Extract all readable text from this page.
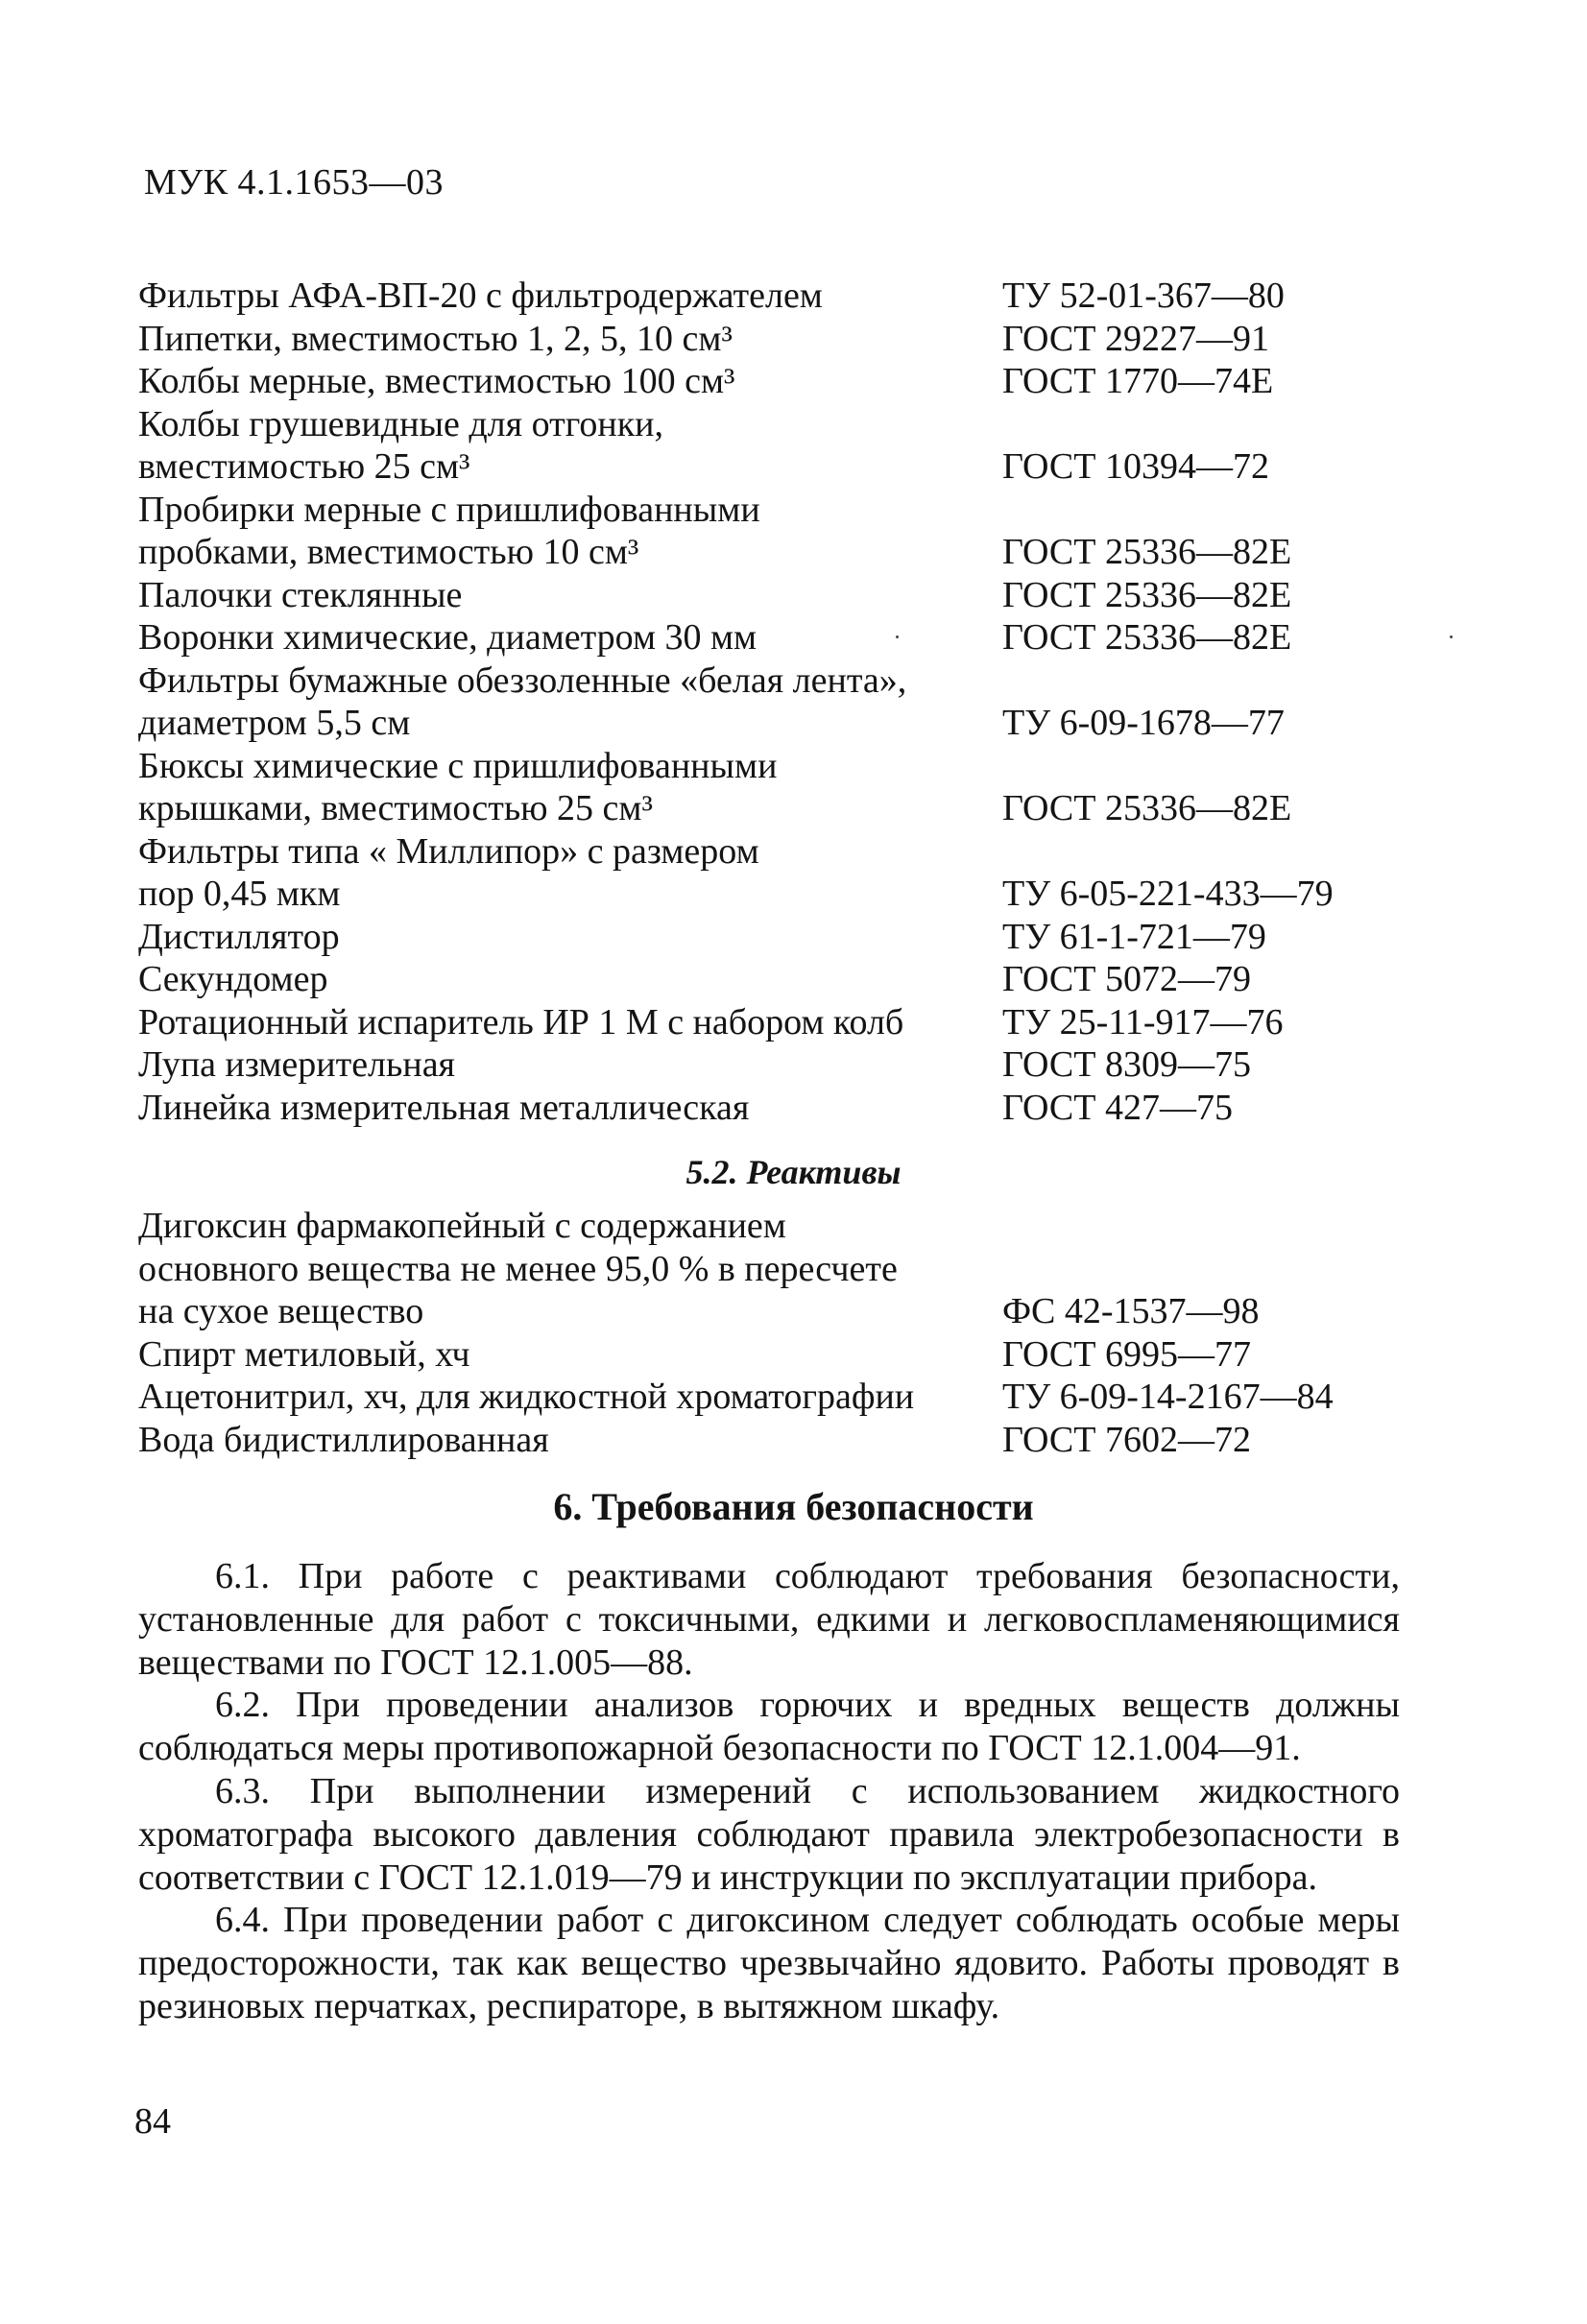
МУК 4.1.1653—03
Фильтры АФА-ВП-20 с фильтродержателем	ТУ 52-01-367—80
Пипетки, вместимостью 1, 2, 5, 10 см³	ГОСТ 29227—91
Колбы мерные, вместимостью 100 см³	ГОСТ 1770—74Е
Колбы грушевидные для отгонки,
вместимостью 25 см³	ГОСТ 10394—72
Пробирки мерные с пришлифованными
пробками, вместимостью 10 см³	ГОСТ 25336—82Е
Палочки стеклянные	ГОСТ 25336—82Е
Воронки химические, диаметром 30 мм	ГОСТ 25336—82Е
Фильтры бумажные обеззоленные «белая лента»,
диаметром 5,5 см	ТУ 6-09-1678—77
Бюксы химические с пришлифованными
крышками, вместимостью 25 см³	ГОСТ 25336—82Е
Фильтры типа « Миллипор» с размером
пор 0,45 мкм	ТУ 6-05-221-433—79
Дистиллятор	ТУ 61-1-721—79
Секундомер	ГОСТ 5072—79
Ротационный испаритель ИР 1 М с набором колб	ТУ 25-11-917—76
Лупа измерительная	ГОСТ 8309—75
Линейка измерительная металлическая	ГОСТ 427—75
5.2. Реактивы
Дигоксин фармакопейный с содержанием
основного вещества не менее 95,0 % в пересчете
на сухое вещество	ФС 42-1537—98
Спирт метиловый, хч	ГОСТ 6995—77
Ацетонитрил, хч, для жидкостной хроматографии	ТУ 6-09-14-2167—84
Вода бидистиллированная	ГОСТ 7602—72
6. Требования безопасности

6.1. При работе с реактивами соблюдают требования безопасности, установленные для работ с токсичными, едкими и легковоспламеняющимися веществами по ГОСТ 12.1.005—88.

6.2. При проведении анализов горючих и вредных веществ должны соблюдаться меры противопожарной безопасности по ГОСТ 12.1.004—91.

6.3. При выполнении измерений с использованием жидкостного хроматографа высокого давления соблюдают правила электробезопасности в соответствии с ГОСТ 12.1.019—79 и инструкции по эксплуатации прибора.

6.4. При проведении работ с дигоксином следует соблюдать особые меры предосторожности, так как вещество чрезвычайно ядовито. Работы проводят в резиновых перчатках, респираторе, в вытяжном шкафу.

84
